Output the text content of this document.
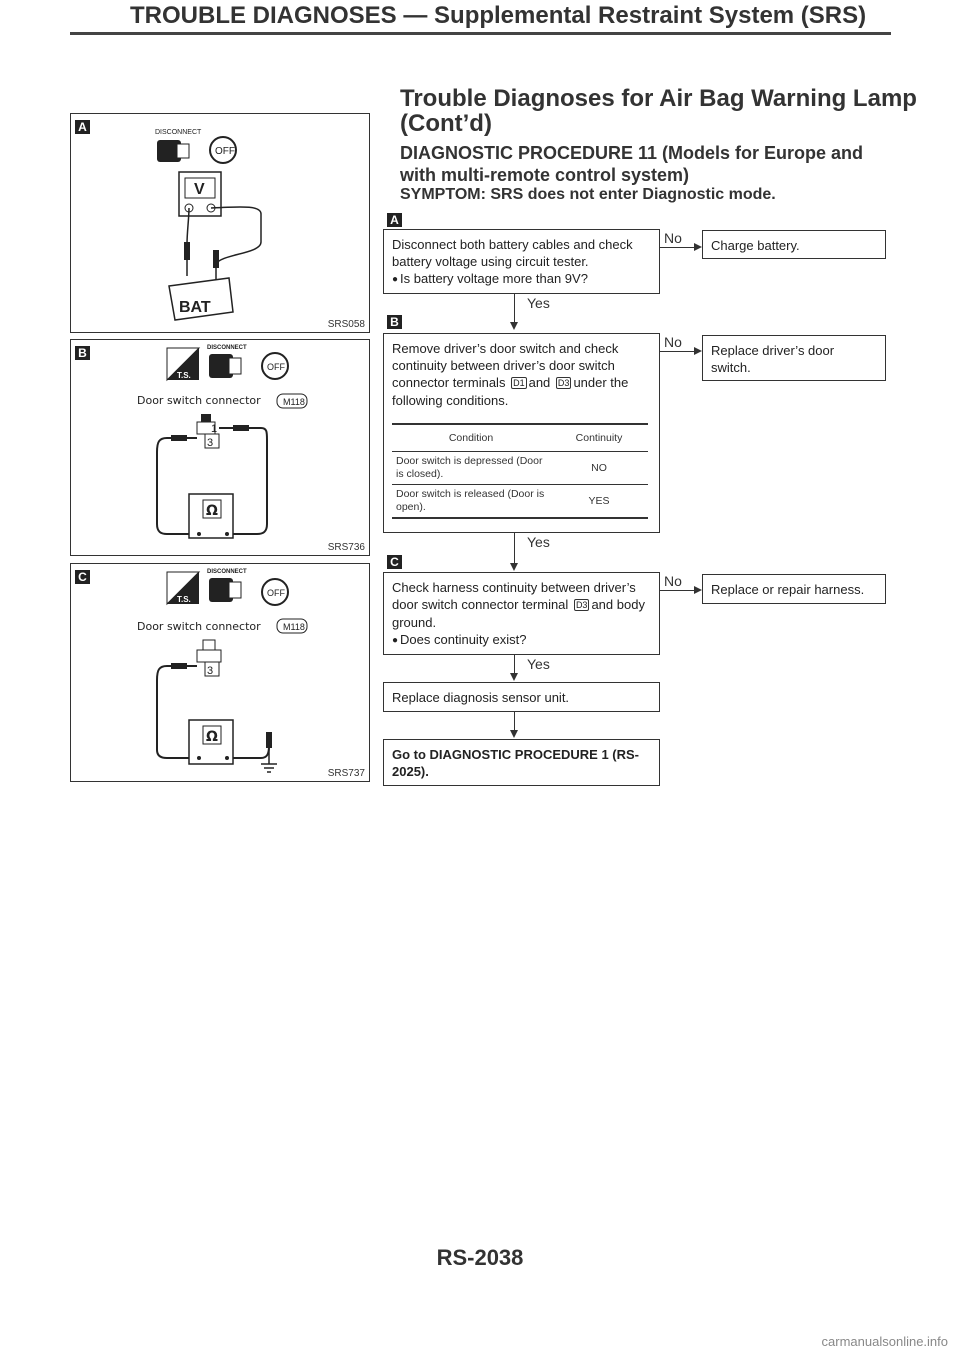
TROUBLE DIAGNOSES — Supplemental Restraint System (SRS)
Trouble Diagnoses for Air Bag Warning Lamp (Cont’d)
DIAGNOSTIC PROCEDURE 11 (Models for Europe and with multi-remote control system)
SYMPTOM: SRS does not enter Diagnostic mode.
A	DISCONNECT
OFF
V
BAT
SRS058
B
T.S.
DISCONNECT
OFF
Door switch connector M118
1
3
Ω
SRS736
C
T.S.
DISCONNECT
OFF
Door switch connector M118
3
Ω
SRS737
A
Disconnect both battery cables and check
battery voltage using circuit tester.
● Is battery voltage more than 9V?
No	Charge battery.
Yes
B
Remove driver’s door switch and check continuity between driver’s door switch connector terminals D1 and D3 under the following conditions.
Condition	Continuity
Door switch is depressed (Door is closed).	NO
Door switch is released (Door is open).	YES
No
Replace driver’s door switch.
Yes
C
Check harness continuity between driver’s door switch connector terminal D3 and body ground.
● Does continuity exist?
No
Replace or repair harness.
Yes
Replace diagnosis sensor unit.
Go to DIAGNOSTIC PROCEDURE 1 (RS-2025).
RS-2038
carmanualsonline.info
